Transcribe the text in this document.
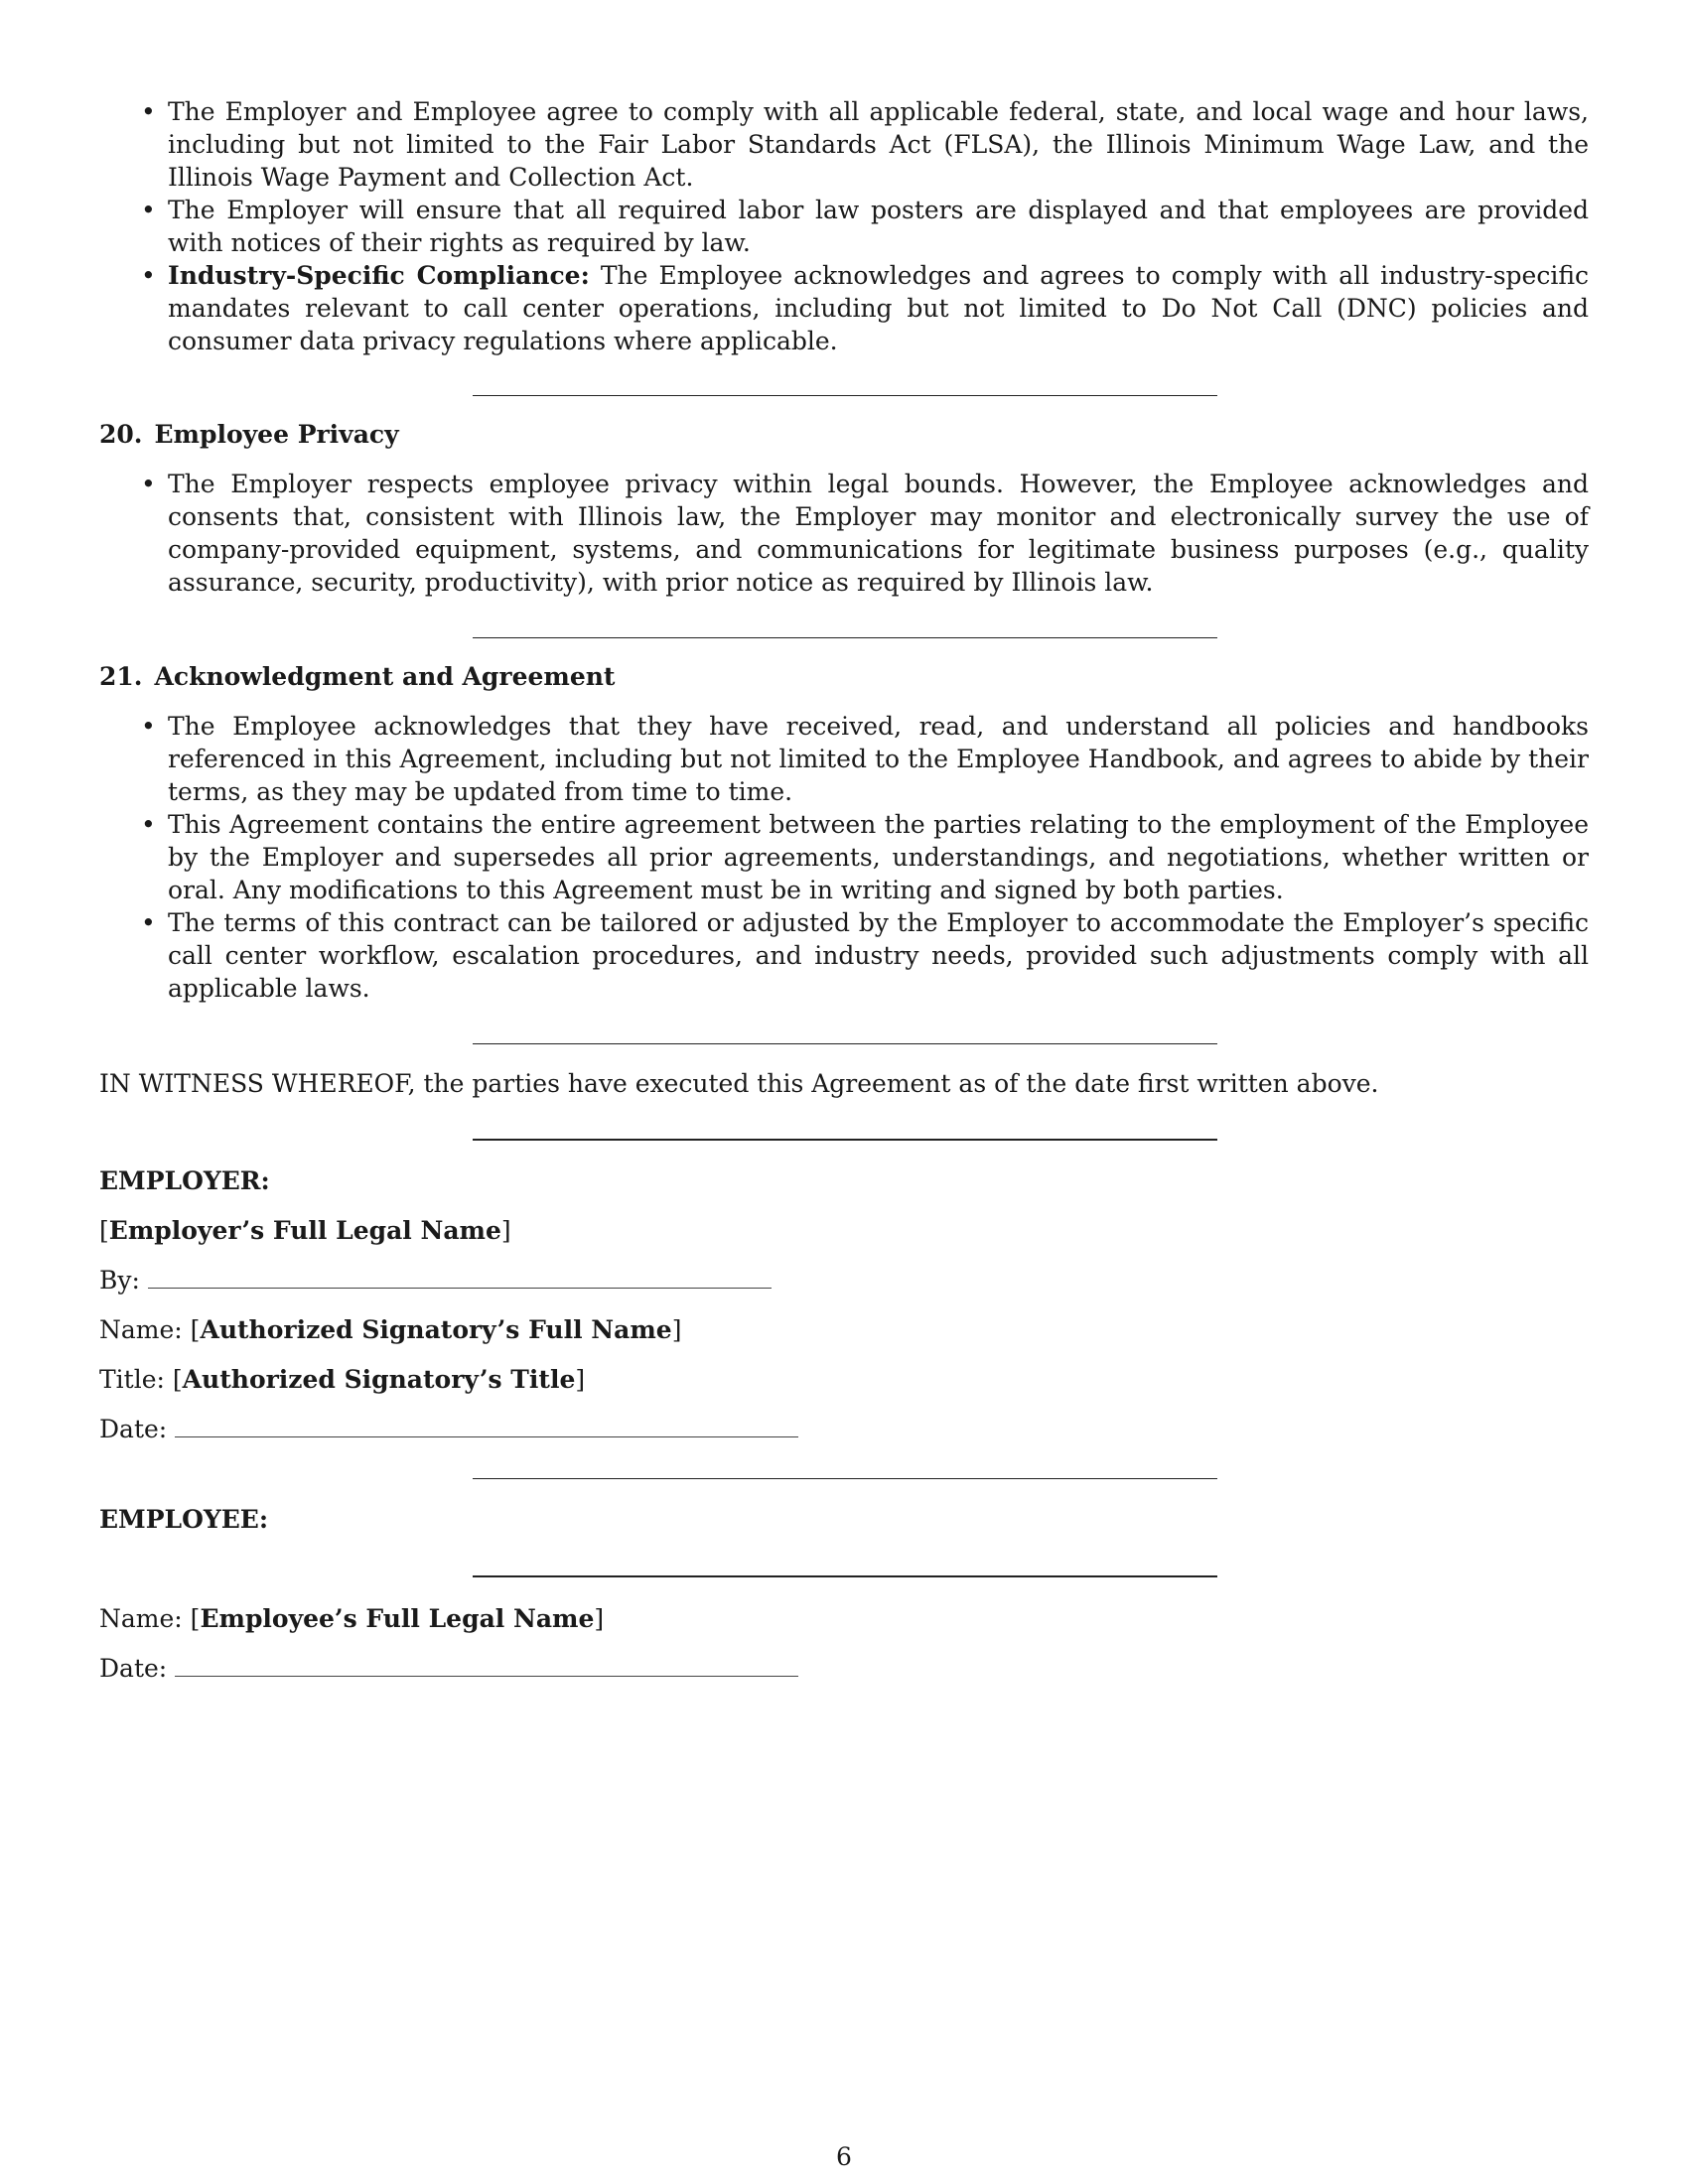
• The Employer and Employee agree to comply with all applicable federal, state, and local wage and hour laws, including but not limited to the Fair Labor Standards Act (FLSA), the Illinois Minimum Wage Law, and the Illinois Wage Payment and Collection Act.
• The Employer will ensure that all required labor law posters are displayed and that employees are provided with notices of their rights as required by law.
• Industry-Specific Compliance: The Employee acknowledges and agrees to comply with all industry-specific mandates relevant to call center operations, including but not limited to Do Not Call (DNC) policies and consumer data privacy regulations where applicable.

20. Employee Privacy

• The Employer respects employee privacy within legal bounds. However, the Employee acknowledges and consents that, consistent with Illinois law, the Employer may monitor and electronically survey the use of company-provided equipment, systems, and communications for legitimate business purposes (e.g., quality assurance, security, productivity), with prior notice as required by Illinois law.

21. Acknowledgment and Agreement

• The Employee acknowledges that they have received, read, and understand all policies and handbooks referenced in this Agreement, including but not limited to the Employee Handbook, and agrees to abide by their terms, as they may be updated from time to time.
• This Agreement contains the entire agreement between the parties relating to the employment of the Employee by the Employer and supersedes all prior agreements, understandings, and negotiations, whether written or oral. Any modifications to this Agreement must be in writing and signed by both parties.
• The terms of this contract can be tailored or adjusted by the Employer to accommodate the Employer’s specific call center workflow, escalation procedures, and industry needs, provided such adjustments comply with all applicable laws.

IN WITNESS WHEREOF, the parties have executed this Agreement as of the date first written above.

EMPLOYER:

[Employer’s Full Legal Name]

By:

Name: [Authorized Signatory’s Full Name]

Title: [Authorized Signatory’s Title]

Date:

EMPLOYEE:

Name: [Employee’s Full Legal Name]

Date:

6
